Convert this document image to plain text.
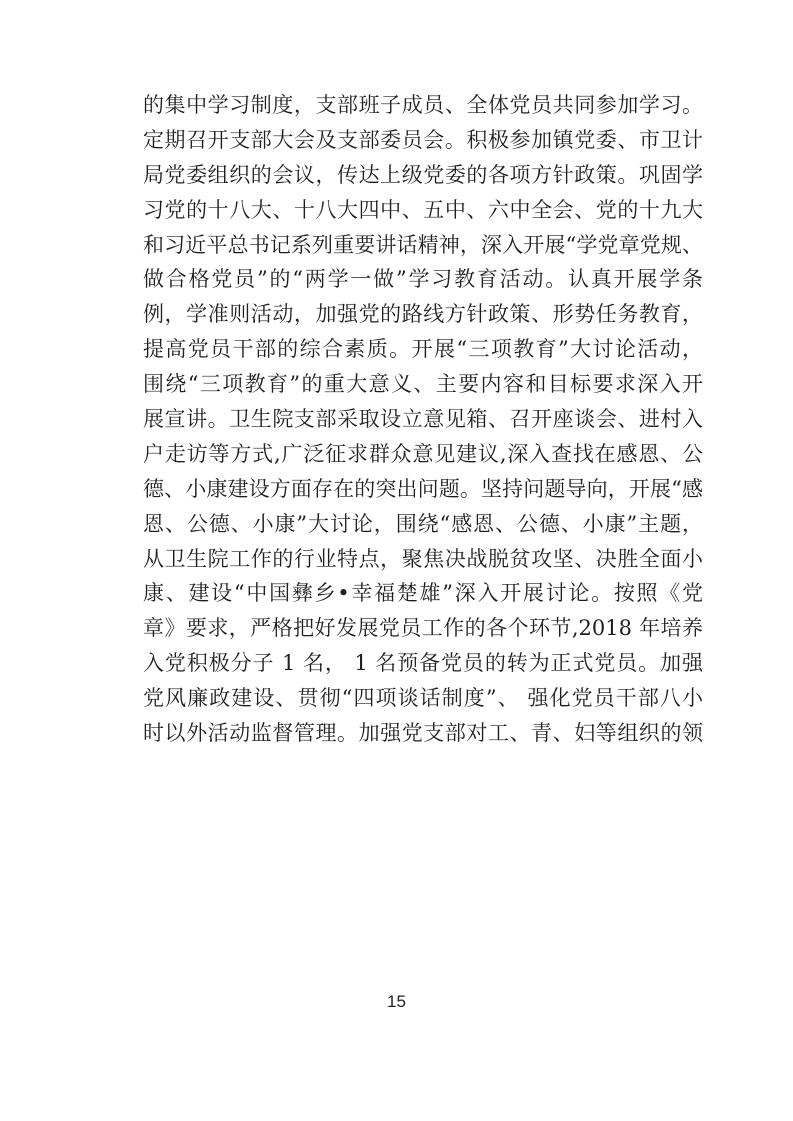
的集中学习制度，支部班子成员、全体党员共同参加学习。
定期召开支部大会及支部委员会。积极参加镇党委、市卫计
局党委组织的会议，传达上级党委的各项方针政策。巩固学
习党的十八大、十八大四中、五中、六中全会、党的十九大
和习近平总书记系列重要讲话精神，深入开展“学党章党规、
做合格党员”的“两学一做”学习教育活动。认真开展学条
例，学准则活动，加强党的路线方针政策、形势任务教育，
提高党员干部的综合素质。开展“三项教育”大讨论活动，
围绕“三项教育”的重大意义、主要内容和目标要求深入开
展宣讲。卫生院支部采取设立意见箱、召开座谈会、进村入
户走访等方式,广泛征求群众意见建议,深入查找在感恩、公
德、小康建设方面存在的突出问题。坚持问题导向，开展“感
恩、公德、小康”大讨论，围绕“感恩、公德、小康”主题，
从卫生院工作的行业特点，聚焦决战脱贫攻坚、决胜全面小
康、建设“中国彝乡•幸福楚雄”深入开展讨论。按照《党
章》要求，严格把好发展党员工作的各个环节,2018 年培养
入党积极分子 1 名， 1 名预备党员的转为正式党员。加强
党风廉政建设、贯彻“四项谈话制度”、 强化党员干部八小
时以外活动监督管理。加强党支部对工、青、妇等组织的领
15
